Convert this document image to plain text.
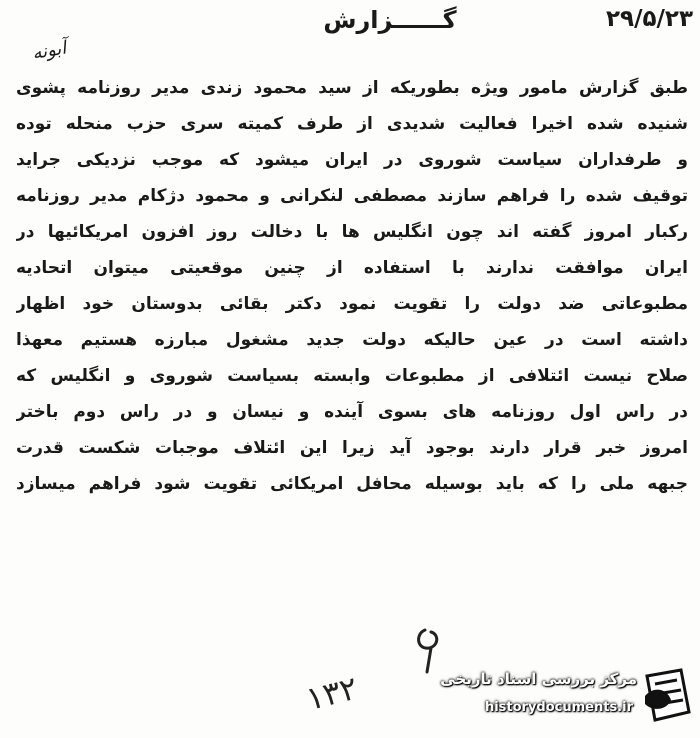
۲۹/۵/۲۳
گــــــزارش
آبونه
طبق گزارش مامور ویژه بطوریکه از سید محمود زندی مدیر روزنامه پشوی
شنیده شده اخیرا فعالیت شدیدی از طرف کمیته سری حزب منحله توده
و طرفداران سیاست شوروی در ایران میشود که موجب نزدیکی جراید
توقیف شده را فراهم سازند مصطفی لنکرانی و محمود دژکام مدیر روزنامه
رکبار امروز گفته اند چون انگلیس ها با دخالت روز افزون امریکائیها در
ایران موافقت ندارند با استفاده از چنین موقعیتی میتوان اتحادیه
مطبوعاتی ضد دولت را تقویت نمود دکتر بقائی بدوستان خود اظهار
داشته است در عین حالیکه دولت جدید مشغول مبارزه هستیم معهذا
صلاح نیست ائتلافی از مطبوعات وابسته بسیاست شوروی و انگلیس که
در راس اول روزنامه های بسوی آینده و نیسان و در راس دوم باختر
امروز خبر قرار دارند بوجود آید زیرا این ائتلاف موجبات شکست قدرت
جبهه ملی را که باید بوسیله محافل امریکائی تقویت شود فراهم میسازد
۱۳۲	مرکز بررسی اسناد تاریخی
historydocuments.ir
